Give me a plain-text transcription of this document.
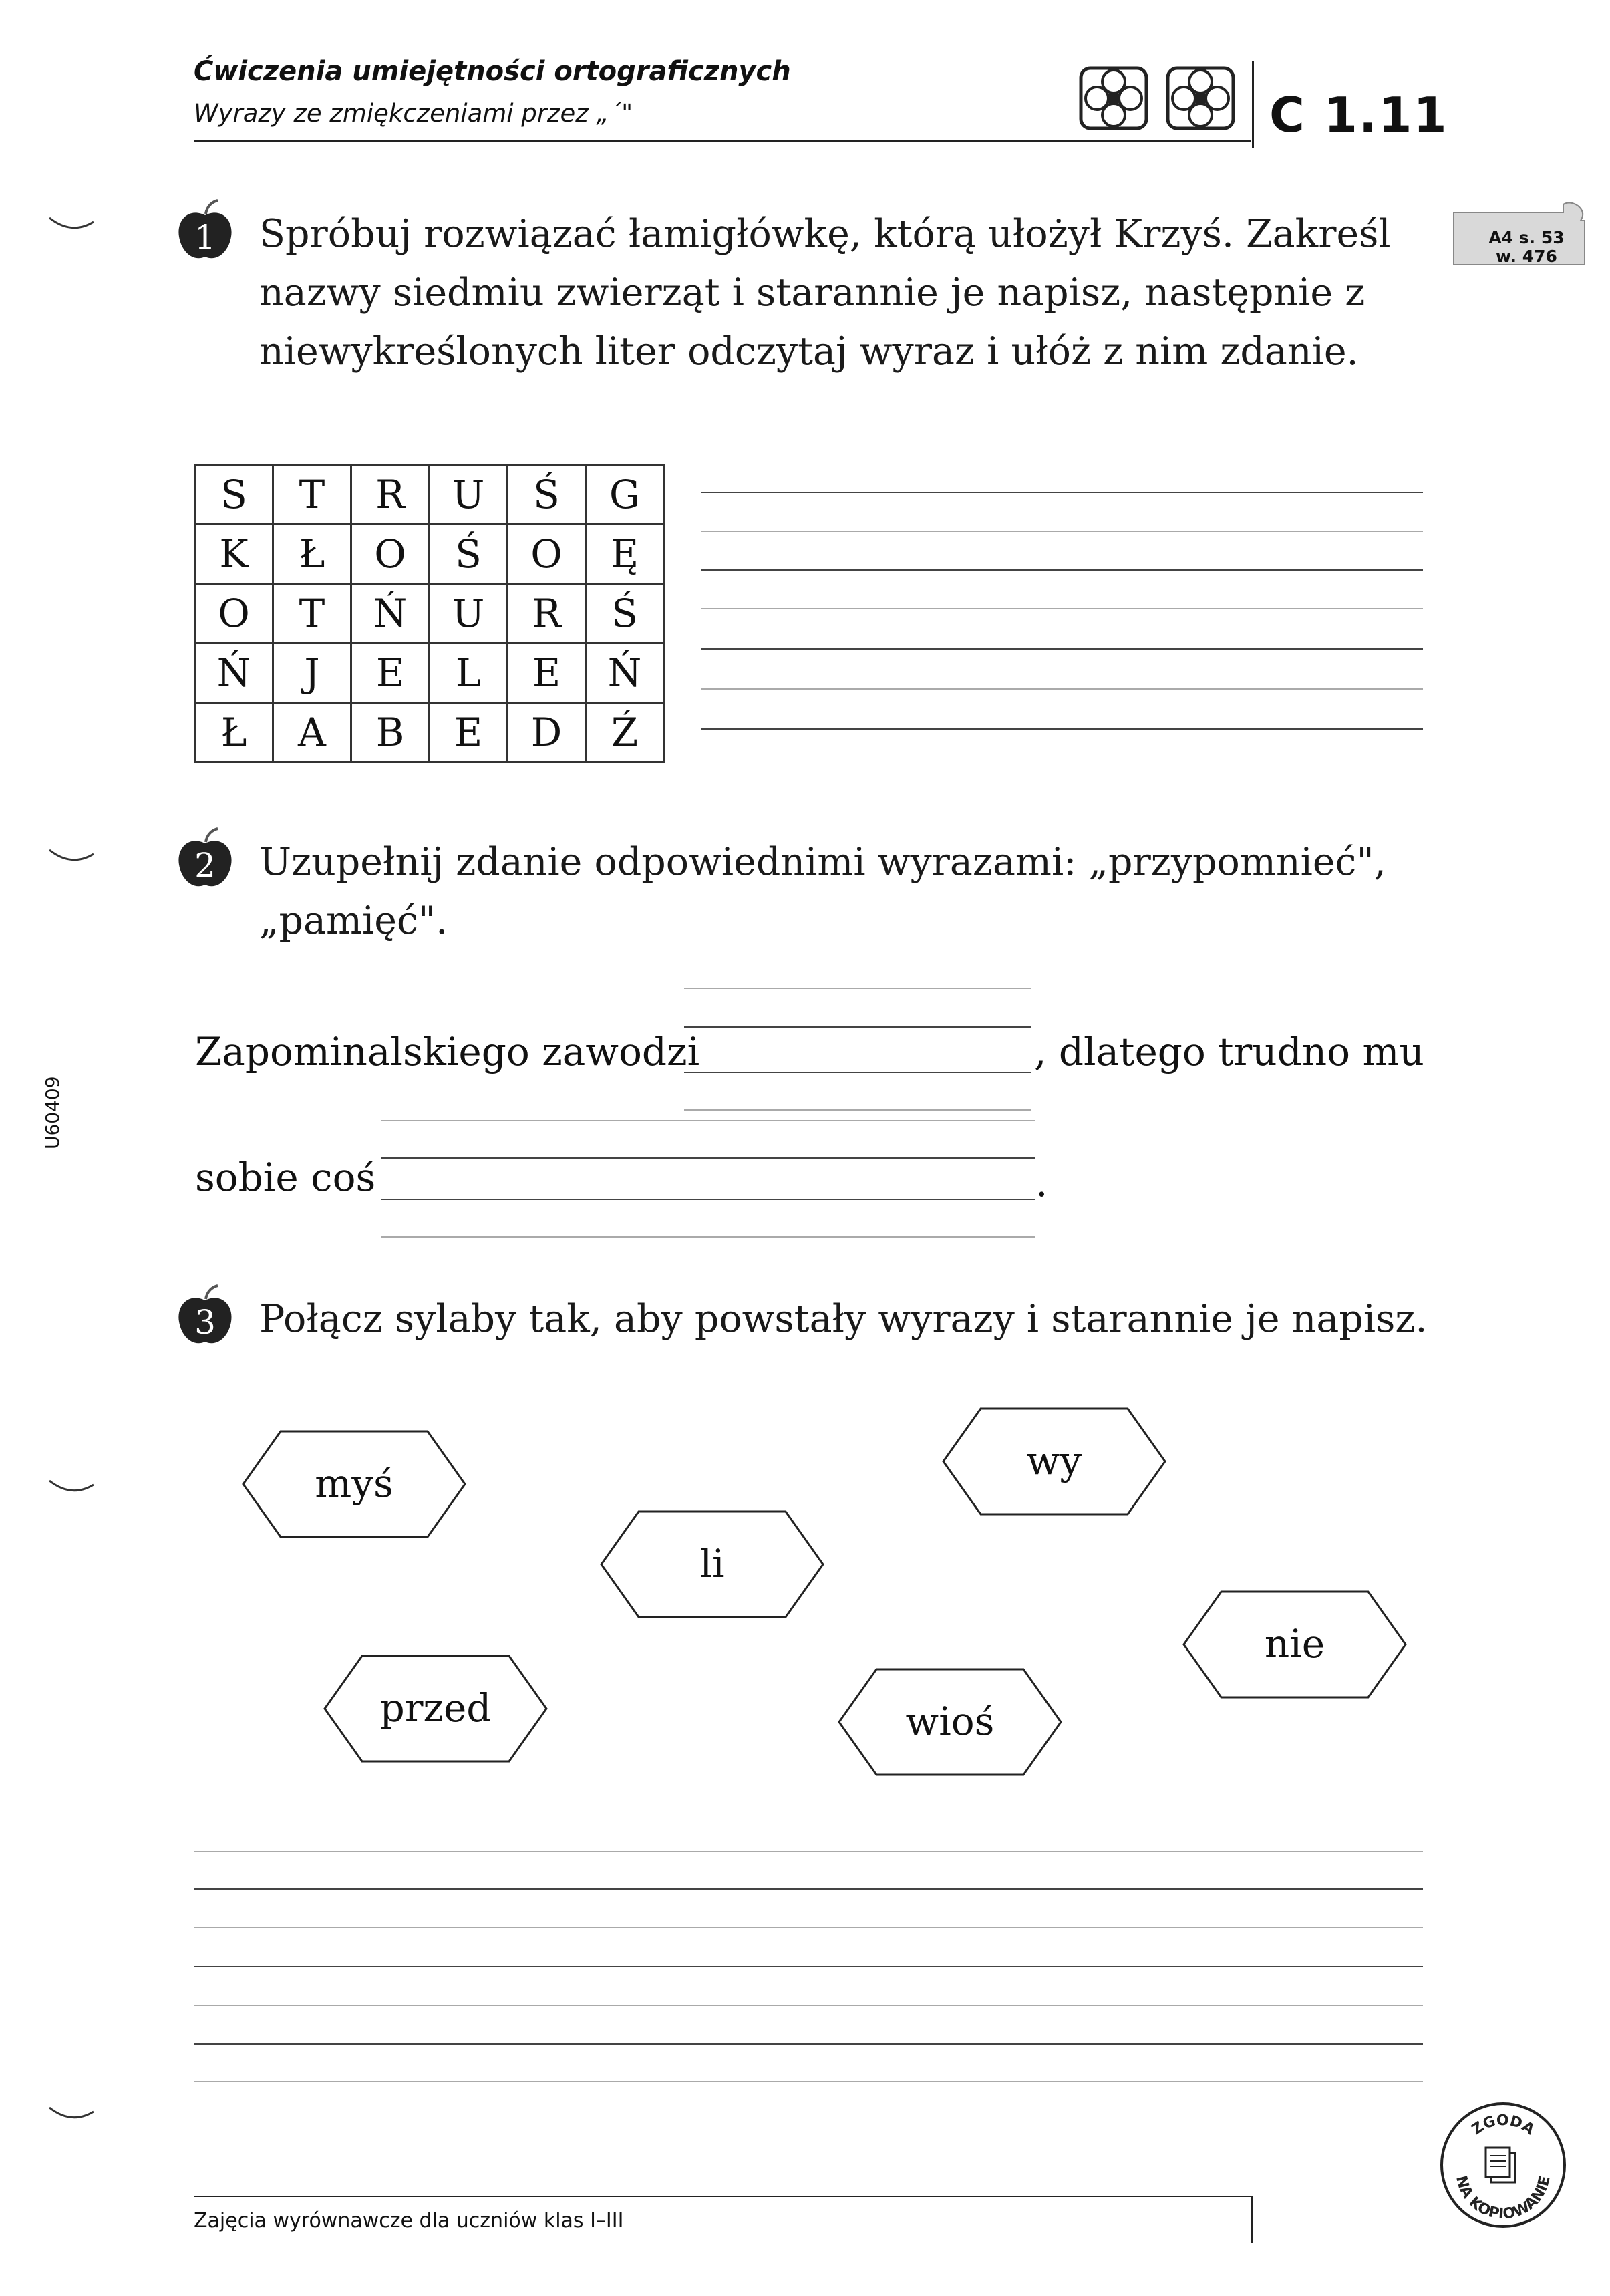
Ćwiczenia umiejętności ortograficznych
Wyrazy ze zmiękczeniami przez „΄"	C 1.11
A4 s. 53
w. 476
U60409
1 Spróbuj rozwiązać łamigłówkę, którą ułożył Krzyś. Zakreśl nazwy siedmiu zwierząt i starannie je napisz, następnie z niewykreślonych liter odczytaj wyraz i ułóż z nim zdanie.
S	T	R	U	Ś	G
K	Ł	O	Ś	O	Ę
O	T	Ń	U	R	Ś
Ń	J	E	L	E	Ń
Ł	A	B	E	D	Ź
2 Uzupełnij zdanie odpowiednimi wyrazami: „przypomnieć", „pamięć".
Zapominalskiego zawodzi	, dlatego trudno mu
sobie coś	.
3 Połącz sylaby tak, aby powstały wyrazy i starannie je napisz.
myś	wy
li
nie
przed	wioś
Zajęcia wyrównawcze dla uczniów klas I–III
ZGODA
NA KOPIOWANIE
